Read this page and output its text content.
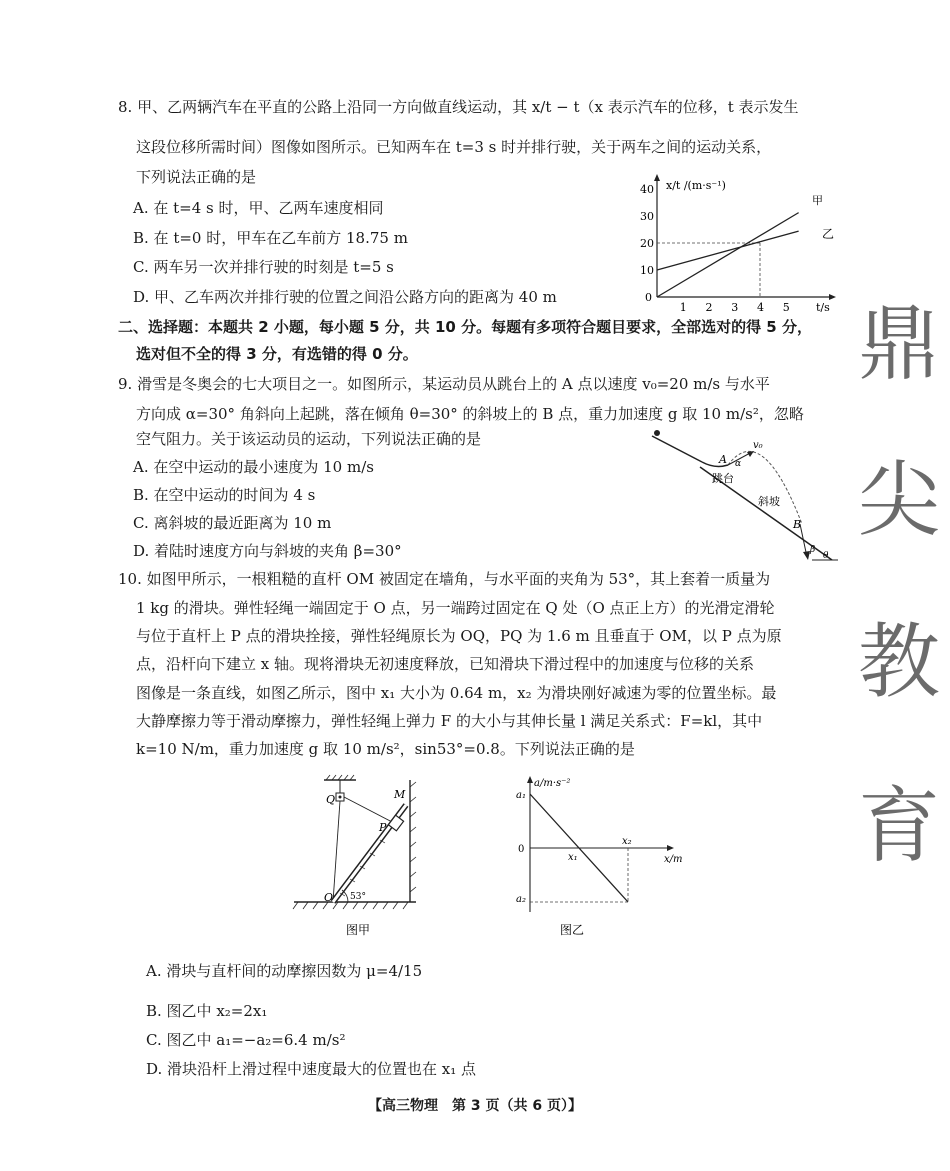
8. 甲、乙两辆汽车在平直的公路上沿同一方向做直线运动，其 x/t − t（x 表示汽车的位移，t 表示发生
这段位移所需时间）图像如图所示。已知两车在 t=3 s 时并排行驶，关于两车之间的运动关系，
下列说法正确的是
A. 在 t=4 s 时，甲、乙两车速度相同
B. 在 t=0 时，甲车在乙车前方 18.75 m
C. 两车另一次并排行驶的时刻是 t=5 s
D. 甲、乙车两次并排行驶的位置之间沿公路方向的距离为 40 m
x/t /(m·s⁻¹)
t/s
0
1 2 3 4 5
10
20
30
40
甲
乙
二、选择题：本题共 2 小题，每小题 5 分，共 10 分。每题有多项符合题目要求，全部选对的得 5 分，
选对但不全的得 3 分，有选错的得 0 分。
9. 滑雪是冬奥会的七大项目之一。如图所示，某运动员从跳台上的 A 点以速度 v₀=20 m/s 与水平
方向成 α=30° 角斜向上起跳，落在倾角 θ=30° 的斜坡上的 B 点，重力加速度 g 取 10 m/s²，忽略
空气阻力。关于该运动员的运动，下列说法正确的是
A. 在空中运动的最小速度为 10 m/s
B. 在空中运动的时间为 4 s
C. 离斜坡的最近距离为 10 m
D. 着陆时速度方向与斜坡的夹角 β=30°
A α
v₀
跳台
斜坡
B
β
θ
10. 如图甲所示，一根粗糙的直杆 OM 被固定在墙角，与水平面的夹角为 53°，其上套着一质量为
1 kg 的滑块。弹性轻绳一端固定于 O 点，另一端跨过固定在 Q 处（O 点正上方）的光滑定滑轮
与位于直杆上 P 点的滑块拴接，弹性轻绳原长为 OQ，PQ 为 1.6 m 且垂直于 OM，以 P 点为原
点，沿杆向下建立 x 轴。现将滑块无初速度释放，已知滑块下滑过程中的加速度与位移的关系
图像是一条直线，如图乙所示，图中 x₁ 大小为 0.64 m，x₂ 为滑块刚好减速为零的位置坐标。最
大静摩擦力等于滑动摩擦力，弹性轻绳上弹力 F 的大小与其伸长量 l 满足关系式：F=kl，其中
k=10 N/m，重力加速度 g 取 10 m/s²，sin53°=0.8。下列说法正确的是
Q	M
P
O 53°
图甲
a/m·s⁻²
x/m
a₁
a₂
0
x₁
x₂
图乙
A. 滑块与直杆间的动摩擦因数为 μ=4/15
B. 图乙中 x₂=2x₁
C. 图乙中 a₁=−a₂=6.4 m/s²
D. 滑块沿杆上滑过程中速度最大的位置也在 x₁ 点
鼎
尖
教
育
【高三物理　第 3 页（共 6 页）】
